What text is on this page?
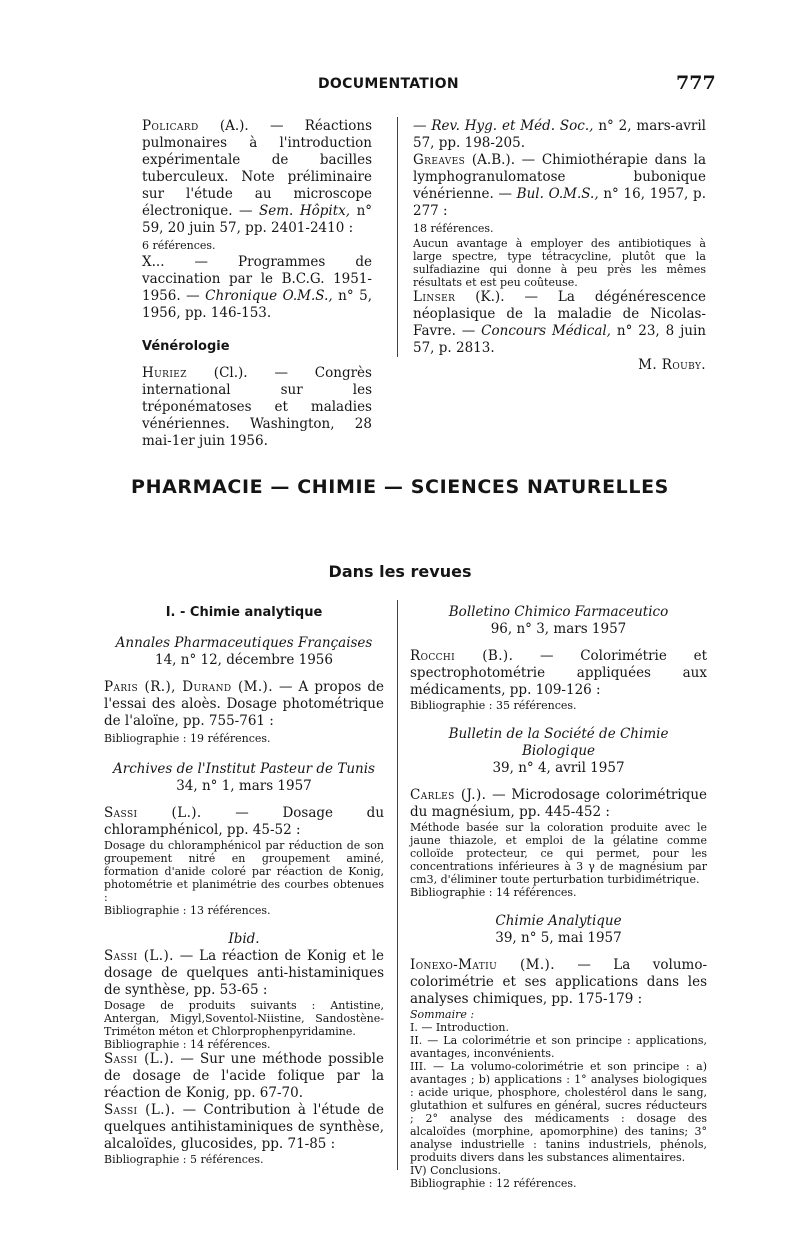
DOCUMENTATION	777

Policard (A.). — Réactions pulmonaires à l'introduction expérimentale de bacilles tuberculeux. Note préliminaire sur l'étude au microscope électronique. — Sem. Hôpitx, n° 59, 20 juin 57, pp. 2401-2410 :
6 références.

X... — Programmes de vaccination par le B.C.G. 1951-1956. — Chronique O.M.S., n° 5, 1956, pp. 146-153.

Vénérologie

Huriez (Cl.). — Congrès international sur les tréponématoses et maladies vénériennes. Washington, 28 mai-1er juin 1956.

— Rev. Hyg. et Méd. Soc., n° 2, mars-avril 57, pp. 198-205.

Greaves (A.B.). — Chimiothérapie dans la lymphogranulomatose bubonique vénérienne. — Bul. O.M.S., n° 16, 1957, p. 277 :
18 références.

Aucun avantage à employer des antibiotiques à large spectre, type tétracycline, plutôt que la sulfadiazine qui donne à peu près les mêmes résultats et est peu coûteuse.

Linser (K.). — La dégénérescence néoplasique de la maladie de Nicolas-Favre. — Concours Médical, n° 23, 8 juin 57, p. 2813.

M. Rouby.

PHARMACIE — CHIMIE — SCIENCES NATURELLES
Dans les revues
I. - Chimie analytique
Annales Pharmaceutiques Françaises
14, n° 12, décembre 1956

Paris (R.), Durand (M.). — A propos de l'essai des aloès. Dosage photométrique de l'aloïne, pp. 755-761 :
Bibliographie : 19 références.

Archives de l'Institut Pasteur de Tunis
34, n° 1, mars 1957

Sassi (L.). — Dosage du chloramphénicol, pp. 45-52 :
Dosage du chloramphénicol par réduction de son groupement nitré en groupement aminé, formation d'anide coloré par réaction de Konig, photométrie et planimétrie des courbes obtenues :
Bibliographie : 13 références.

Ibid.

Sassi (L.). — La réaction de Konig et le dosage de quelques anti-histaminiques de synthèse, pp. 53-65 :
Dosage de produits suivants : Antistine, Antergan, Migyl,Soventol-Niistine, Sandostène-Triméton méton et Chlorprophenpyridamine.
Bibliographie : 14 références.

Sassi (L.). — Sur une méthode possible de dosage de l'acide folique par la réaction de Konig, pp. 67-70.

Sassi (L.). — Contribution à l'étude de quelques antihistaminiques de synthèse, alcaloïdes, glucosides, pp. 71-85 :
Bibliographie : 5 références.

Bolletino Chimico Farmaceutico
96, n° 3, mars 1957

Rocchi (B.). — Colorimétrie et spectrophotométrie appliquées aux médicaments, pp. 109-126 :
Bibliographie : 35 références.

Bulletin de la Société de Chimie Biologique
39, n° 4, avril 1957

Carles (J.). — Microdosage colorimétrique du magnésium, pp. 445-452 :
Méthode basée sur la coloration produite avec le jaune thiazole, et emploi de la gélatine comme colloïde protecteur, ce qui permet, pour les concentrations inférieures à 3 γ de magnésium par cm3, d'éliminer toute perturbation turbidimétrique.
Bibliographie : 14 références.

Chimie Analytique
39, n° 5, mai 1957

Ionexo-Matiu (M.). — La volumo-colorimétrie et ses applications dans les analyses chimiques, pp. 175-179 :
Sommaire :
I. — Introduction.
II. — La colorimétrie et son principe : applications, avantages, inconvénients.
III. — La volumo-colorimétrie et son principe : a) avantages ; b) applications : 1° analyses biologiques : acide urique, phosphore, cholestérol dans le sang, glutathion et sulfures en général, sucres réducteurs ; 2° analyse des médicaments : dosage des alcaloïdes (morphine, apomorphine) des tanins; 3° analyse industrielle : tanins industriels, phénols, produits divers dans les substances alimentaires.
IV) Conclusions.
Bibliographie : 12 références.
